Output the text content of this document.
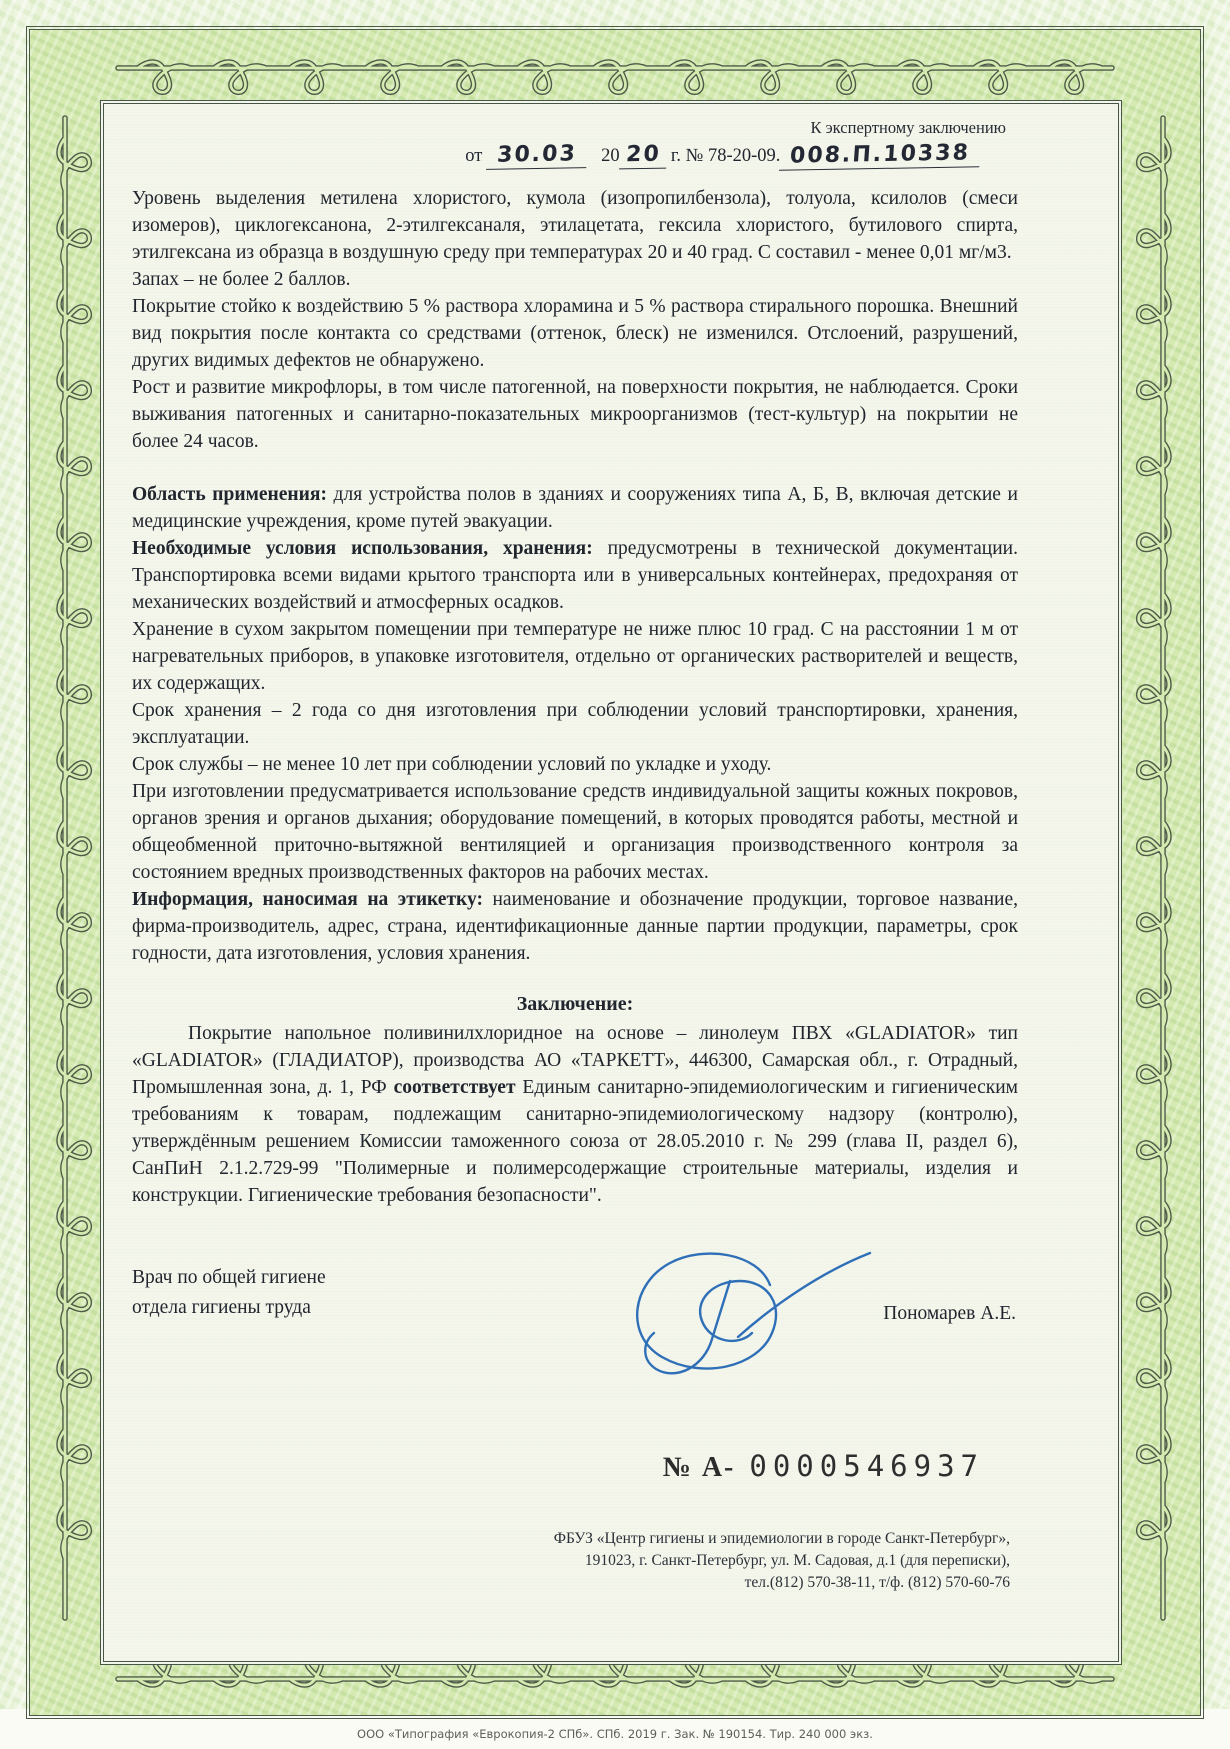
К экспертному заключению
от 30.03 20 20 г. № 78-20-09. 008.П.10338

Уровень выделения метилена хлористого, кумола (изопропилбензола), толуола, ксилолов (смеси изомеров), циклогексанона, 2-этилгексаналя, этилацетата, гексила хлористого, бутилового спирта, этилгексана из образца в воздушную среду при температурах 20 и 40 град. С составил - менее 0,01 мг/м3.

Запах – не более 2 баллов.

Покрытие стойко к воздействию 5 % раствора хлорамина и 5 % раствора стирального порошка. Внешний вид покрытия после контакта со средствами (оттенок, блеск) не изменился. Отслоений, разрушений, других видимых дефектов не обнаружено.

Рост и развитие микрофлоры, в том числе патогенной, на поверхности покрытия, не наблюдается. Сроки выживания патогенных и санитарно-показательных микроорганизмов (тест-культур) на покрытии не более 24 часов.

Область применения: для устройства полов в зданиях и сооружениях типа А, Б, В, включая детские и медицинские учреждения, кроме путей эвакуации.

Необходимые условия использования, хранения: предусмотрены в технической документации. Транспортировка всеми видами крытого транспорта или в универсальных контейнерах, предохраняя от механических воздействий и атмосферных осадков.

Хранение в сухом закрытом помещении при температуре не ниже плюс 10 град. С на расстоянии 1 м от нагревательных приборов, в упаковке изготовителя, отдельно от органических растворителей и веществ, их содержащих.

Срок хранения – 2 года со дня изготовления при соблюдении условий транспортировки, хранения, эксплуатации.

Срок службы – не менее 10 лет при соблюдении условий по укладке и уходу.

При изготовлении предусматривается использование средств индивидуальной защиты кожных покровов, органов зрения и органов дыхания; оборудование помещений, в которых проводятся работы, местной и общеобменной приточно-вытяжной вентиляцией и организация производственного контроля за состоянием вредных производственных факторов на рабочих местах.

Информация, наносимая на этикетку: наименование и обозначение продукции, торговое название, фирма-производитель, адрес, страна, идентификационные данные партии продукции, параметры, срок годности, дата изготовления, условия хранения.

Заключение:

Покрытие напольное поливинилхлоридное на основе – линолеум ПВХ «GLADIATOR» тип «GLADIATOR» (ГЛАДИАТОР), производства АО «ТАРКЕТТ», 446300, Самарская обл., г. Отрадный, Промышленная зона, д. 1, РФ соответствует Единым санитарно-эпидемиологическим и гигиеническим требованиям к товарам, подлежащим санитарно-эпидемиологическому надзору (контролю), утверждённым решением Комиссии таможенного союза от 28.05.2010 г. № 299 (глава II, раздел 6), СанПиН 2.1.2.729-99 "Полимерные и полимерсодержащие строительные материалы, изделия и конструкции. Гигиенические требования безопасности".

Врач по общей гигиене
отдела гигиены труда	Пономарев А.Е.
№ А- 0000546937
ФБУЗ «Центр гигиены и эпидемиологии в городе Санкт-Петербург»,
191023, г. Санкт-Петербург, ул. М. Садовая, д.1 (для переписки),
тел.(812) 570-38-11, т/ф. (812) 570-60-76
ООО «Типография «Еврокопия-2 СПб». СПб. 2019 г. Зак. № 190154. Тир. 240 000 экз.
